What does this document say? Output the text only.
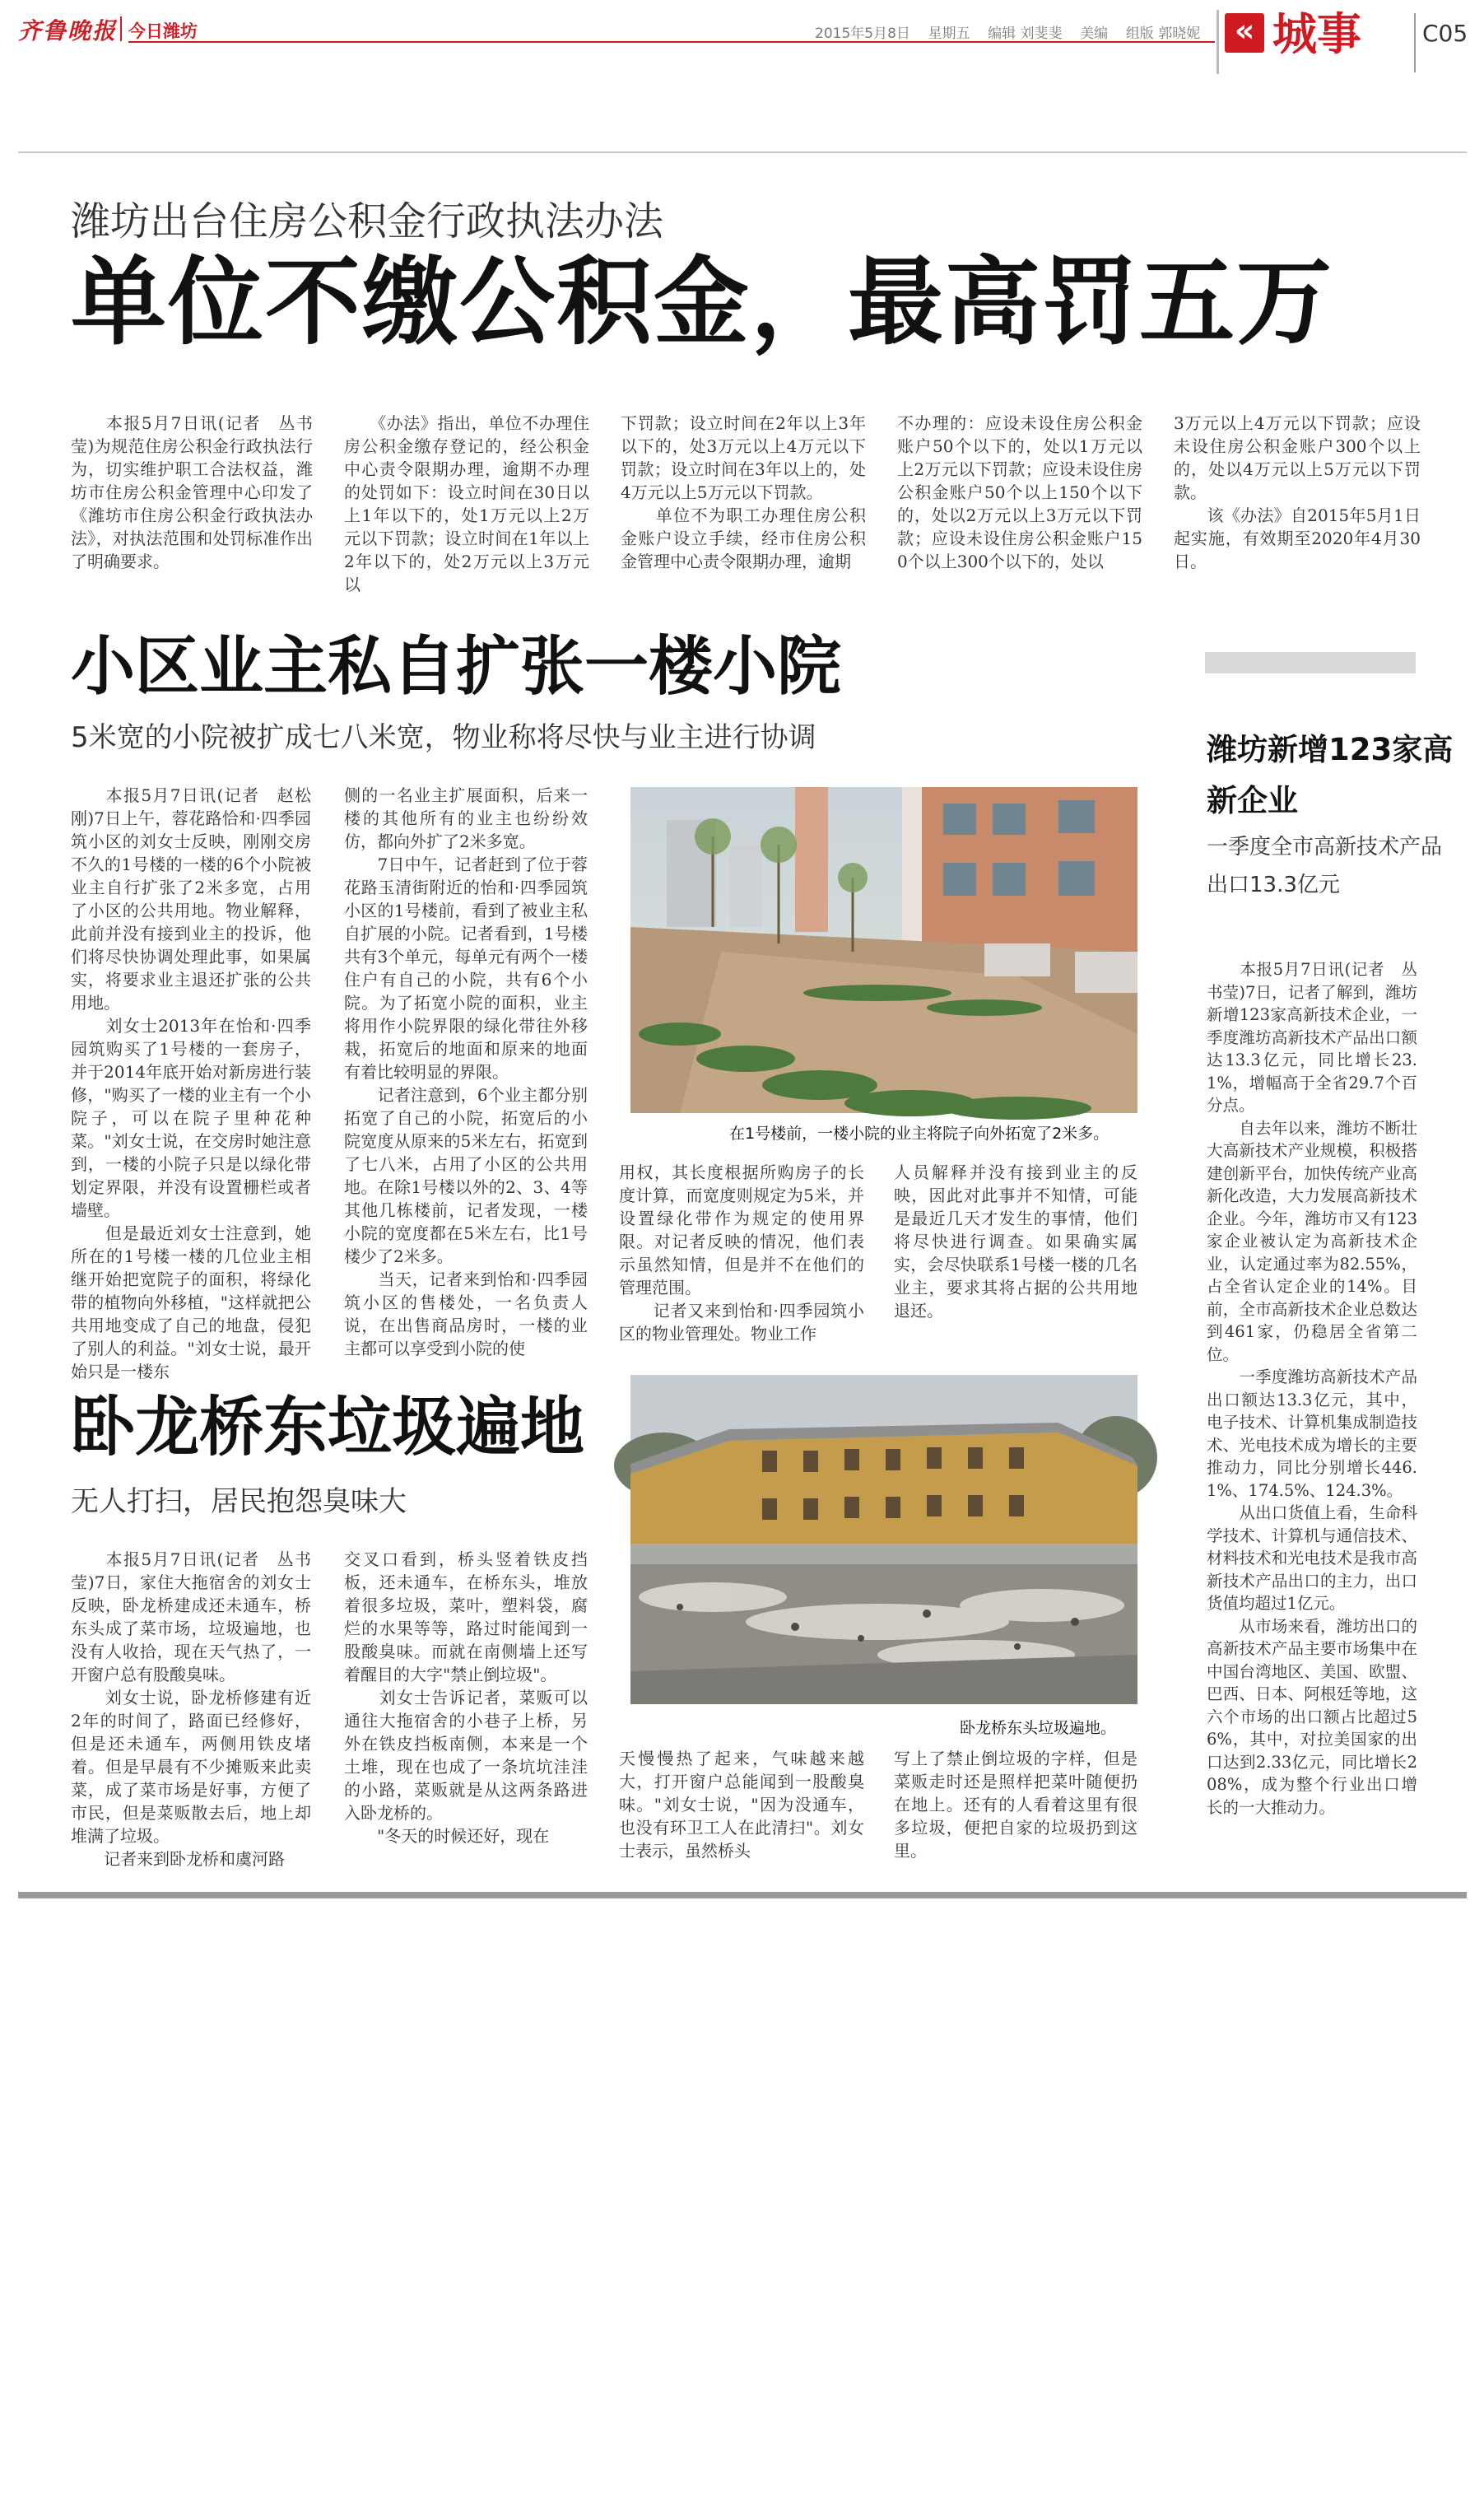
齐鲁晚报 今日潍坊	2015年5月8日 星期五 编辑 刘斐斐 美编 组版 郭晓妮	« 城事	C05
潍坊出台住房公积金行政执法办法
单位不缴公积金，最高罚五万
　　本报5月7日讯(记者　丛书莹)为规范住房公积金行政执法行为，切实维护职工合法权益，潍坊市住房公积金管理中心印发了《潍坊市住房公积金行政执法办法》，对执法范围和处罚标准作出了明确要求。
　　《办法》指出，单位不办理住房公积金缴存登记的，经公积金中心责令限期办理，逾期不办理的处罚如下：设立时间在30日以上1年以下的，处1万元以上2万元以下罚款；设立时间在1年以上2年以下的，处2万元以上3万元以
下罚款；设立时间在2年以上3年以下的，处3万元以上4万元以下罚款；设立时间在3年以上的，处4万元以上5万元以下罚款。
　　单位不为职工办理住房公积金账户设立手续，经市住房公积金管理中心责令限期办理，逾期
不办理的：应设未设住房公积金账户50个以下的，处以1万元以上2万元以下罚款；应设未设住房公积金账户50个以上150个以下的，处以2万元以上3万元以下罚款；应设未设住房公积金账户150个以上300个以下的，处以
3万元以上4万元以下罚款；应设未设住房公积金账户300个以上的，处以4万元以上5万元以下罚款。
　　该《办法》自2015年5月1日起实施，有效期至2020年4月30日。
小区业主私自扩张一楼小院
5米宽的小院被扩成七八米宽，物业称将尽快与业主进行协调
　　本报5月7日讯(记者　赵松刚)7日上午，蓉花路恰和·四季园筑小区的刘女士反映，刚刚交房不久的1号楼的一楼的6个小院被业主自行扩张了2米多宽，占用了小区的公共用地。物业解释，此前并没有接到业主的投诉，他们将尽快协调处理此事，如果属实，将要求业主退还扩张的公共用地。
　　刘女士2013年在怡和·四季园筑购买了1号楼的一套房子，并于2014年底开始对新房进行装修，"购买了一楼的业主有一个小院子，可以在院子里种花种菜。"刘女士说，在交房时她注意到，一楼的小院子只是以绿化带划定界限，并没有设置栅栏或者墙壁。
　　但是最近刘女士注意到，她所在的1号楼一楼的几位业主相继开始把宽院子的面积，将绿化带的植物向外移植，"这样就把公共用地变成了自己的地盘，侵犯了别人的利益。"刘女士说，最开始只是一楼东
侧的一名业主扩展面积，后来一楼的其他所有的业主也纷纷效仿，都向外扩了2米多宽。
　　7日中午，记者赶到了位于蓉花路玉清街附近的怡和·四季园筑小区的1号楼前，看到了被业主私自扩展的小院。记者看到，1号楼共有3个单元，每单元有两个一楼住户有自己的小院，共有6个小院。为了拓宽小院的面积，业主将用作小院界限的绿化带往外移栽，拓宽后的地面和原来的地面有着比较明显的界限。
　　记者注意到，6个业主都分别拓宽了自己的小院，拓宽后的小院宽度从原来的5米左右，拓宽到了七八米，占用了小区的公共用地。在除1号楼以外的2、3、4等其他几栋楼前，记者发现，一楼小院的宽度都在5米左右，比1号楼少了2米多。
　　当天，记者来到怡和·四季园筑小区的售楼处，一名负责人说，在出售商品房时，一楼的业主都可以享受到小院的使
在1号楼前，一楼小院的业主将院子向外拓宽了2米多。
用权，其长度根据所购房子的长度计算，而宽度则规定为5米，并设置绿化带作为规定的使用界限。对记者反映的情况，他们表示虽然知情，但是并不在他们的管理范围。
　　记者又来到怡和·四季园筑小区的物业管理处。物业工作
人员解释并没有接到业主的反映，因此对此事并不知情，可能是最近几天才发生的事情，他们将尽快进行调查。如果确实属实，会尽快联系1号楼一楼的几名业主，要求其将占据的公共用地退还。
潍坊新增123家高新企业
一季度全市高新技术产品出口13.3亿元
　　本报5月7日讯(记者　丛书莹)7日，记者了解到，潍坊新增123家高新技术企业，一季度潍坊高新技术产品出口额达13.3亿元，同比增长23.1%，增幅高于全省29.7个百分点。
　　自去年以来，潍坊不断壮大高新技术产业规模，积极搭建创新平台，加快传统产业高新化改造，大力发展高新技术企业。今年，潍坊市又有123家企业被认定为高新技术企业，认定通过率为82.55%，占全省认定企业的14%。目前，全市高新技术企业总数达到461家，仍稳居全省第二位。
　　一季度潍坊高新技术产品出口额达13.3亿元，其中，电子技术、计算机集成制造技术、光电技术成为增长的主要推动力，同比分别增长446.1%、174.5%、124.3%。
　　从出口货值上看，生命科学技术、计算机与通信技术、材料技术和光电技术是我市高新技术产品出口的主力，出口货值均超过1亿元。
　　从市场来看，潍坊出口的高新技术产品主要市场集中在中国台湾地区、美国、欧盟、巴西、日本、阿根廷等地，这六个市场的出口额占比超过56%，其中，对拉美国家的出口达到2.33亿元，同比增长208%，成为整个行业出口增长的一大推动力。
卧龙桥东垃圾遍地
无人打扫，居民抱怨臭味大
　　本报5月7日讯(记者　丛书莹)7日，家住大拖宿舍的刘女士反映，卧龙桥建成还未通车，桥东头成了菜市场，垃圾遍地，也没有人收拾，现在天气热了，一开窗户总有股酸臭味。
　　刘女士说，卧龙桥修建有近2年的时间了，路面已经修好，但是还未通车，两侧用铁皮堵着。但是早晨有不少摊贩来此卖菜，成了菜市场是好事，方便了市民，但是菜贩散去后，地上却堆满了垃圾。
　　记者来到卧龙桥和虞河路
交叉口看到，桥头竖着铁皮挡板，还未通车，在桥东头，堆放着很多垃圾，菜叶，塑料袋，腐烂的水果等等，路过时能闻到一股酸臭味。而就在南侧墙上还写着醒目的大字"禁止倒垃圾"。
　　刘女士告诉记者，菜贩可以通往大拖宿舍的小巷子上桥，另外在铁皮挡板南侧，本来是一个土堆，现在也成了一条坑坑洼洼的小路，菜贩就是从这两条路进入卧龙桥的。
　　"冬天的时候还好，现在
卧龙桥东头垃圾遍地。
天慢慢热了起来，气味越来越大，打开窗户总能闻到一股酸臭味。"刘女士说，"因为没通车，也没有环卫工人在此清扫"。刘女士表示，虽然桥头
写上了禁止倒垃圾的字样，但是菜贩走时还是照样把菜叶随便扔在地上。还有的人看着这里有很多垃圾，便把自家的垃圾扔到这里。
